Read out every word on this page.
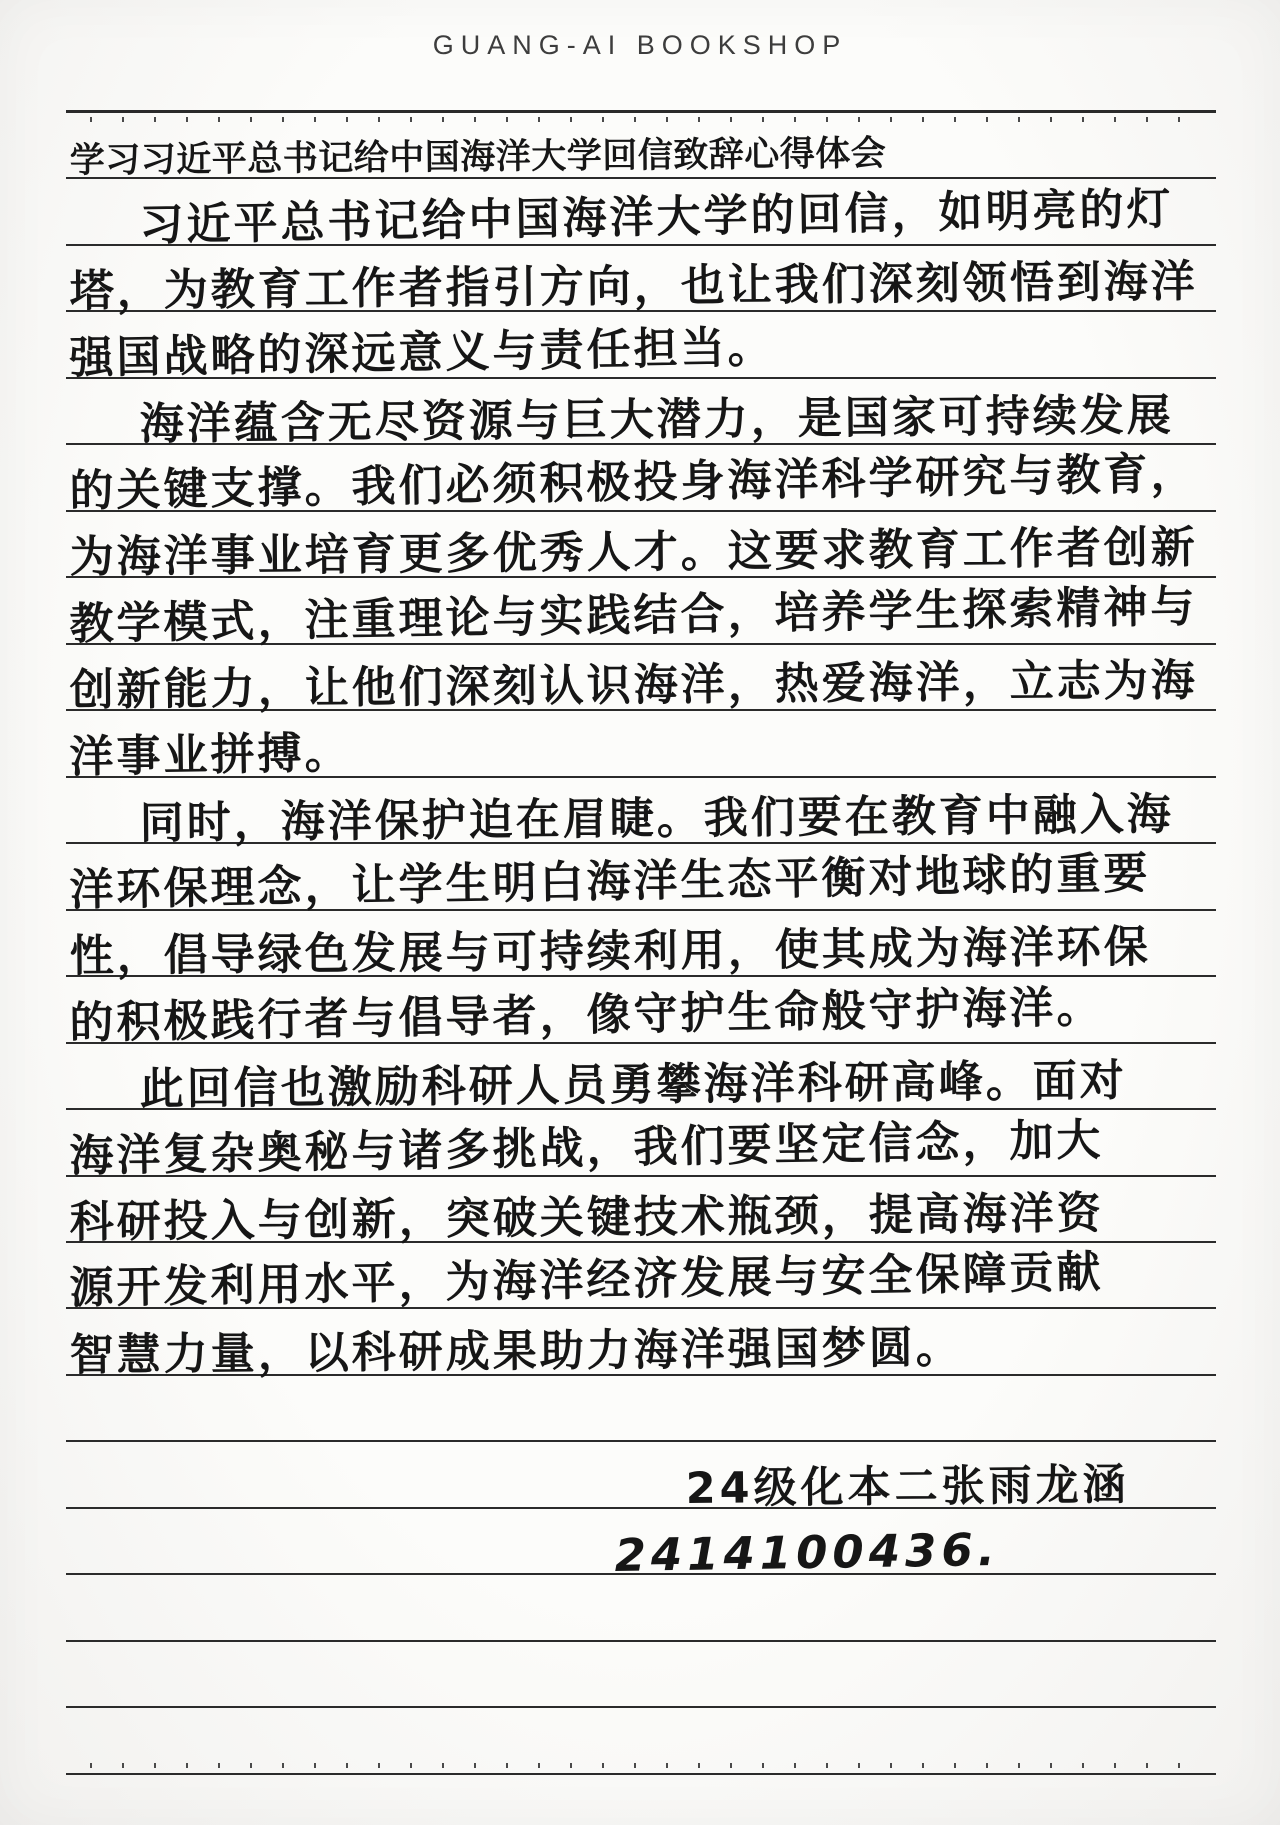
GUANG-AI BOOKSHOP
学习习近平总书记给中国海洋大学回信致辞心得体会
习近平总书记给中国海洋大学的回信，如明亮的灯
塔，为教育工作者指引方向，也让我们深刻领悟到海洋
强国战略的深远意义与责任担当。
海洋蕴含无尽资源与巨大潜力，是国家可持续发展
的关键支撑。我们必须积极投身海洋科学研究与教育，
为海洋事业培育更多优秀人才。这要求教育工作者创新
教学模式，注重理论与实践结合，培养学生探索精神与
创新能力，让他们深刻认识海洋，热爱海洋，立志为海
洋事业拼搏。
同时，海洋保护迫在眉睫。我们要在教育中融入海
洋环保理念，让学生明白海洋生态平衡对地球的重要
性，倡导绿色发展与可持续利用，使其成为海洋环保
的积极践行者与倡导者，像守护生命般守护海洋。
此回信也激励科研人员勇攀海洋科研高峰。面对
海洋复杂奥秘与诸多挑战，我们要坚定信念，加大
科研投入与创新，突破关键技术瓶颈，提高海洋资
源开发利用水平，为海洋经济发展与安全保障贡献
智慧力量，以科研成果助力海洋强国梦圆。
24级化本二张雨龙涵
2414100436.
